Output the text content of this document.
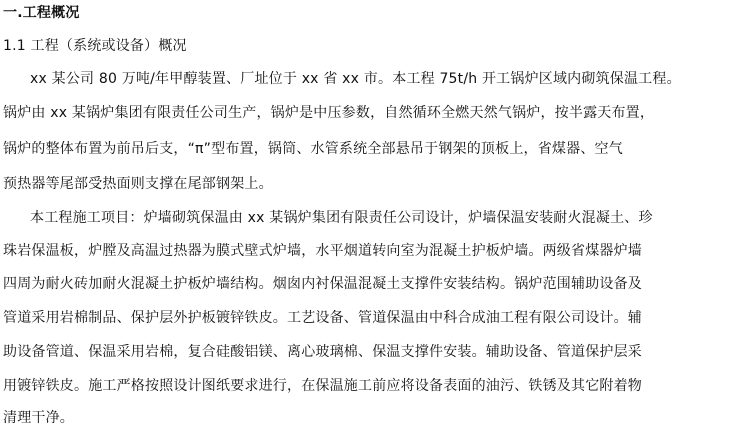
一.工程概况
1.1 工程（系统或设备）概况
xx 某公司 80 万吨/年甲醇装置、厂址位于 xx 省 xx 市。本工程 75t/h 开工锅炉区域内砌筑保温工程。
锅炉由 xx 某锅炉集团有限责任公司生产，锅炉是中压参数，自然循环全燃天然气锅炉，按半露天布置，
锅炉的整体布置为前吊后支，“π”型布置，锅筒、水管系统全部悬吊于钢架的顶板上，省煤器、空气
预热器等尾部受热面则支撑在尾部钢架上。
本工程施工项目：炉墙砌筑保温由 xx 某锅炉集团有限责任公司设计，炉墙保温安装耐火混凝土、珍
珠岩保温板，炉膛及高温过热器为膜式壁式炉墙，水平烟道转向室为混凝土护板炉墙。两级省煤器炉墙
四周为耐火砖加耐火混凝土护板炉墙结构。烟囱内衬保温混凝土支撑件安装结构。锅炉范围辅助设备及
管道采用岩棉制品、保护层外护板镀锌铁皮。工艺设备、管道保温由中科合成油工程有限公司设计。辅
助设备管道、保温采用岩棉，复合硅酸铝镁、离心玻璃棉、保温支撑件安装。辅助设备、管道保护层采
用镀锌铁皮。施工严格按照设计图纸要求进行，在保温施工前应将设备表面的油污、铁锈及其它附着物
清理干净。
